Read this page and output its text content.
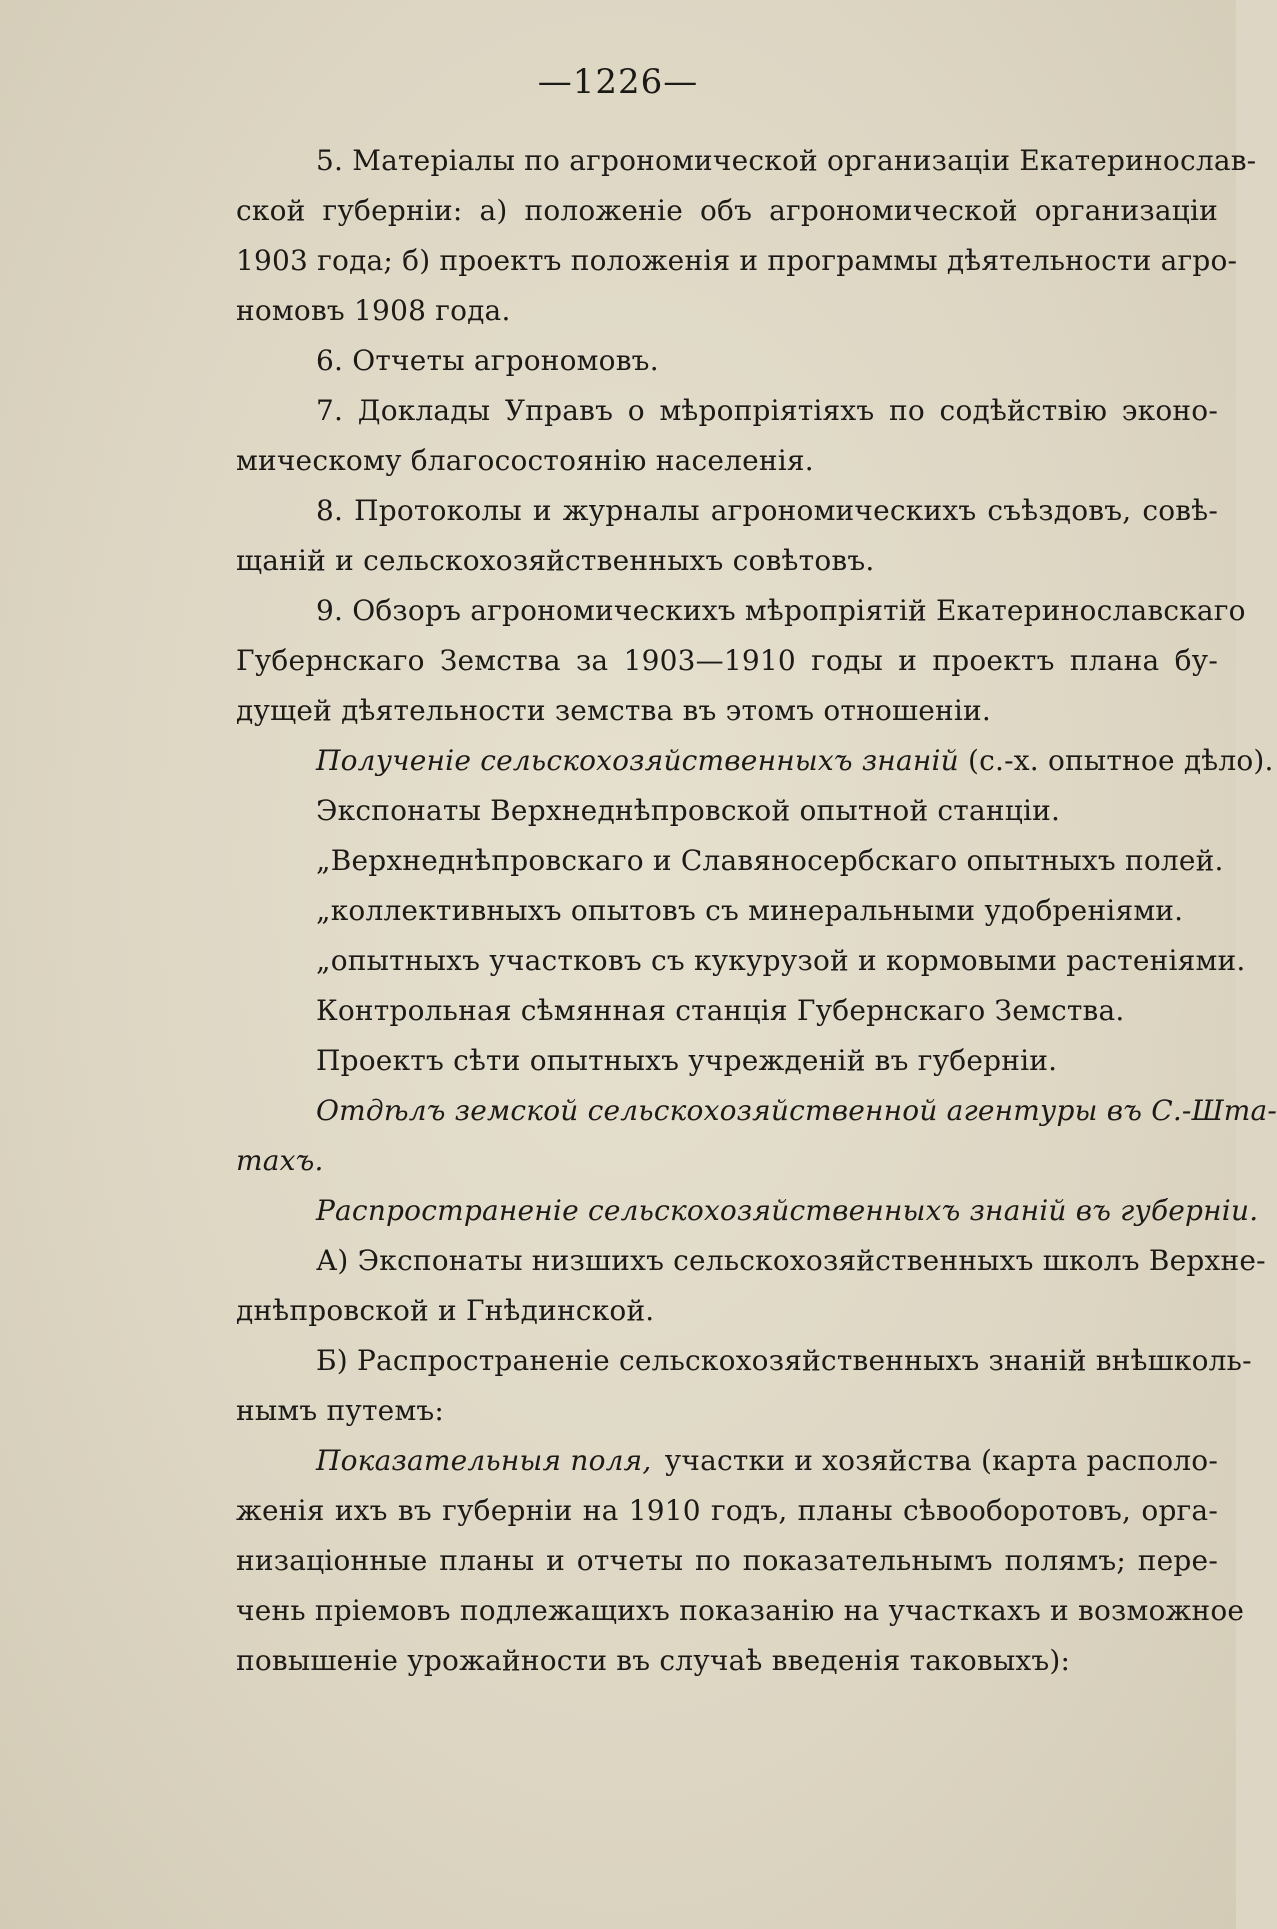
—1226—
5. Матеріалы по агрономической организаціи Екатеринослав-
ской губерніи: а) положеніе объ агрономической организаціи
1903 года; б) проектъ положенія и программы дѣятельности агро-
номовъ 1908 года.
6. Отчеты агрономовъ.
7. Доклады Управъ о мѣропріятіяхъ по содѣйствію эконо-
мическому благосостоянію населенія.
8. Протоколы и журналы агрономическихъ съѣздовъ, совѣ-
щаній и сельскохозяйственныхъ совѣтовъ.
9. Обзоръ агрономическихъ мѣропріятій Екатеринославскаго
Губернскаго Земства за 1903—1910 годы и проектъ плана бу-
дущей дѣятельности земства въ этомъ отношеніи.
Полученіе сельскохозяйственныхъ знаній (с.-х. опытное дѣло).
Экспонаты Верхнеднѣпровской опытной станціи.
„Верхнеднѣпровскаго и Славяносербскаго опытныхъ полей.
„коллективныхъ опытовъ съ минеральными удобреніями.
„опытныхъ участковъ съ кукурузой и кормовыми растеніями.
Контрольная сѣмянная станція Губернскаго Земства.
Проектъ сѣти опытныхъ учрежденій въ губерніи.
Отдѣлъ земской сельскохозяйственной агентуры въ С.-Шта-
тахъ.
Распространеніе сельскохозяйственныхъ знаній въ губерніи.
А) Экспонаты низшихъ сельскохозяйственныхъ школъ Верхне-
днѣпровской и Гнѣдинской.
Б) Распространеніе сельскохозяйственныхъ знаній внѣшколь-
нымъ путемъ:
Показательныя поля, участки и хозяйства (карта располо-
женія ихъ въ губерніи на 1910 годъ, планы сѣвооборотовъ, орга-
низаціонные планы и отчеты по показательнымъ полямъ; пере-
чень пріемовъ подлежащихъ показанію на участкахъ и возможное
повышеніе урожайности въ случаѣ введенія таковыхъ):
